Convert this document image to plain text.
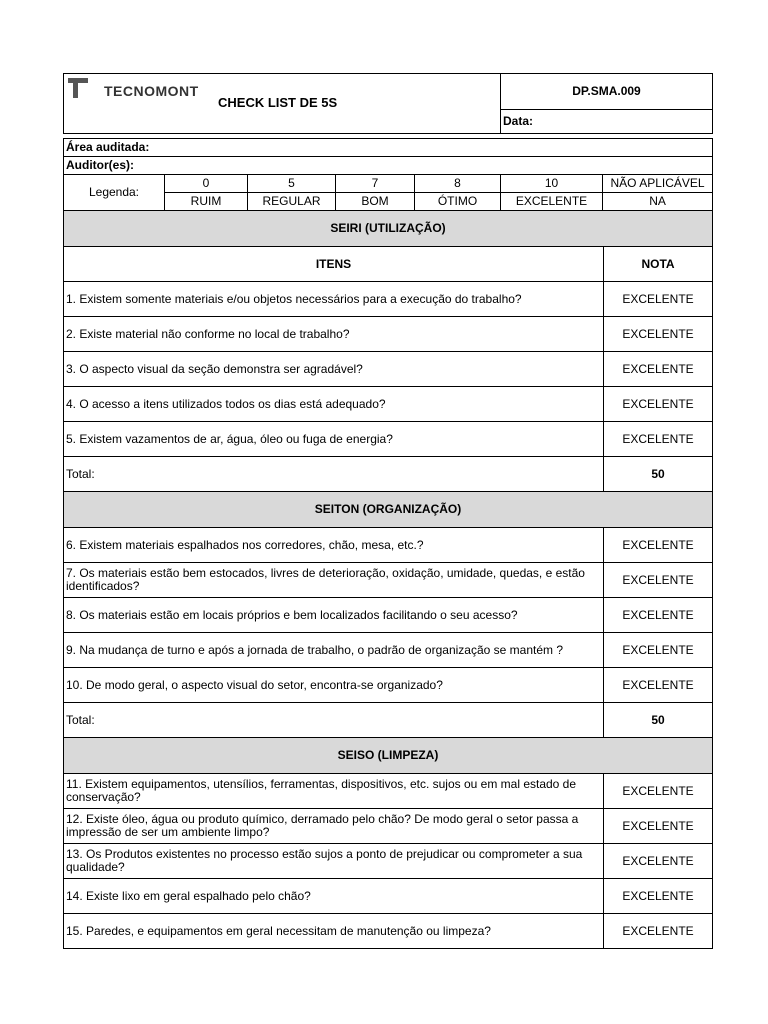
TECNOMONT
CHECK LIST DE 5S
	DP.SMA.009
Data:
Área auditada:						
Auditor(es):						
Legenda:	0	5	7	8	10	NÃO APLICÁVEL
	RUIM	REGULAR	BOM	ÓTIMO	EXCELENTE	NA
SEIRI (UTILIZAÇÃO)	
ITENS	NOTA
1. Existem somente materiais e/ou objetos necessários para a execução do trabalho?	EXCELENTE
2. Existe material não conforme no local de trabalho?	EXCELENTE
3. O aspecto visual da seção demonstra ser agradável?	EXCELENTE
4. O acesso a itens utilizados todos os dias está adequado?	EXCELENTE
5. Existem vazamentos de ar, água, óleo ou fuga de energia?	EXCELENTE
Total:	50
SEITON (ORGANIZAÇÃO)	
6. Existem materiais espalhados nos corredores, chão, mesa, etc.?	EXCELENTE
7. Os materiais estão bem estocados, livres de deterioração, oxidação, umidade, quedas, e estão identificados?	EXCELENTE
8. Os materiais estão em locais próprios e bem localizados facilitando o seu acesso?	EXCELENTE
9. Na mudança de turno e após a jornada de trabalho, o padrão de organização se mantém ?	EXCELENTE
10. De modo geral, o aspecto visual do setor, encontra-se organizado?	EXCELENTE
Total:	50
SEISO (LIMPEZA)	
11. Existem equipamentos, utensílios, ferramentas, dispositivos, etc. sujos ou em mal estado de conservação?	EXCELENTE
12. Existe óleo, água ou produto químico, derramado pelo chão? De modo geral o setor passa a impressão de ser um ambiente limpo?	EXCELENTE
13. Os Produtos existentes no processo estão sujos a ponto de prejudicar ou comprometer a sua qualidade?	EXCELENTE
14. Existe lixo em geral espalhado pelo chão?	EXCELENTE
15. Paredes, e equipamentos em geral necessitam de manutenção ou limpeza?	EXCELENTE
